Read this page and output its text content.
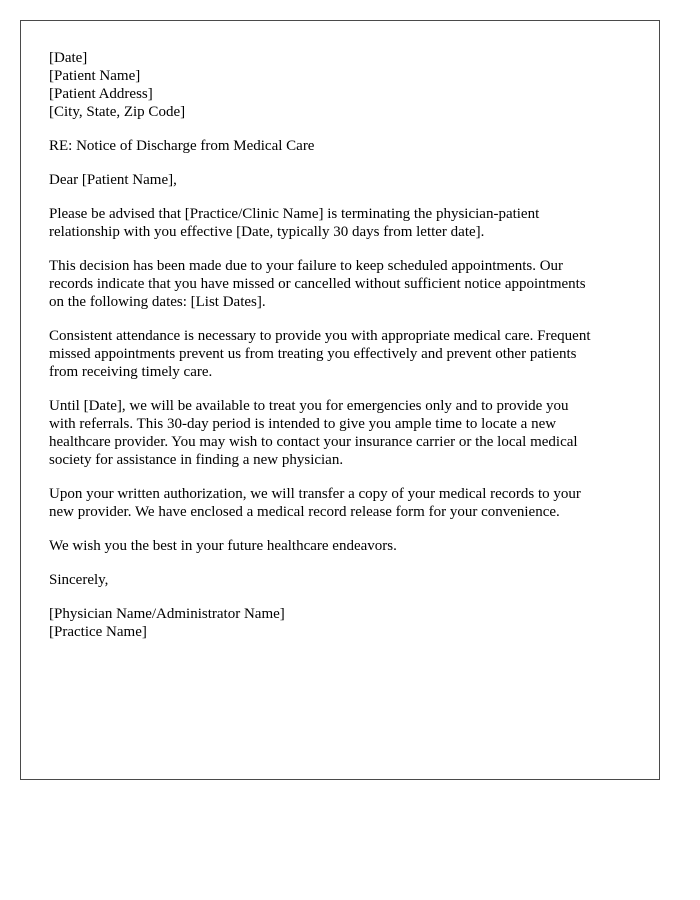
[Date]
[Patient Name]
[Patient Address]
[City, State, Zip Code]
RE: Notice of Discharge from Medical Care
Dear [Patient Name],
Please be advised that [Practice/Clinic Name] is terminating the physician-patient
relationship with you effective [Date, typically 30 days from letter date].
This decision has been made due to your failure to keep scheduled appointments. Our
records indicate that you have missed or cancelled without sufficient notice appointments
on the following dates: [List Dates].
Consistent attendance is necessary to provide you with appropriate medical care. Frequent
missed appointments prevent us from treating you effectively and prevent other patients
from receiving timely care.
Until [Date], we will be available to treat you for emergencies only and to provide you
with referrals. This 30-day period is intended to give you ample time to locate a new
healthcare provider. You may wish to contact your insurance carrier or the local medical
society for assistance in finding a new physician.
Upon your written authorization, we will transfer a copy of your medical records to your
new provider. We have enclosed a medical record release form for your convenience.
We wish you the best in your future healthcare endeavors.
Sincerely,
[Physician Name/Administrator Name]
[Practice Name]
